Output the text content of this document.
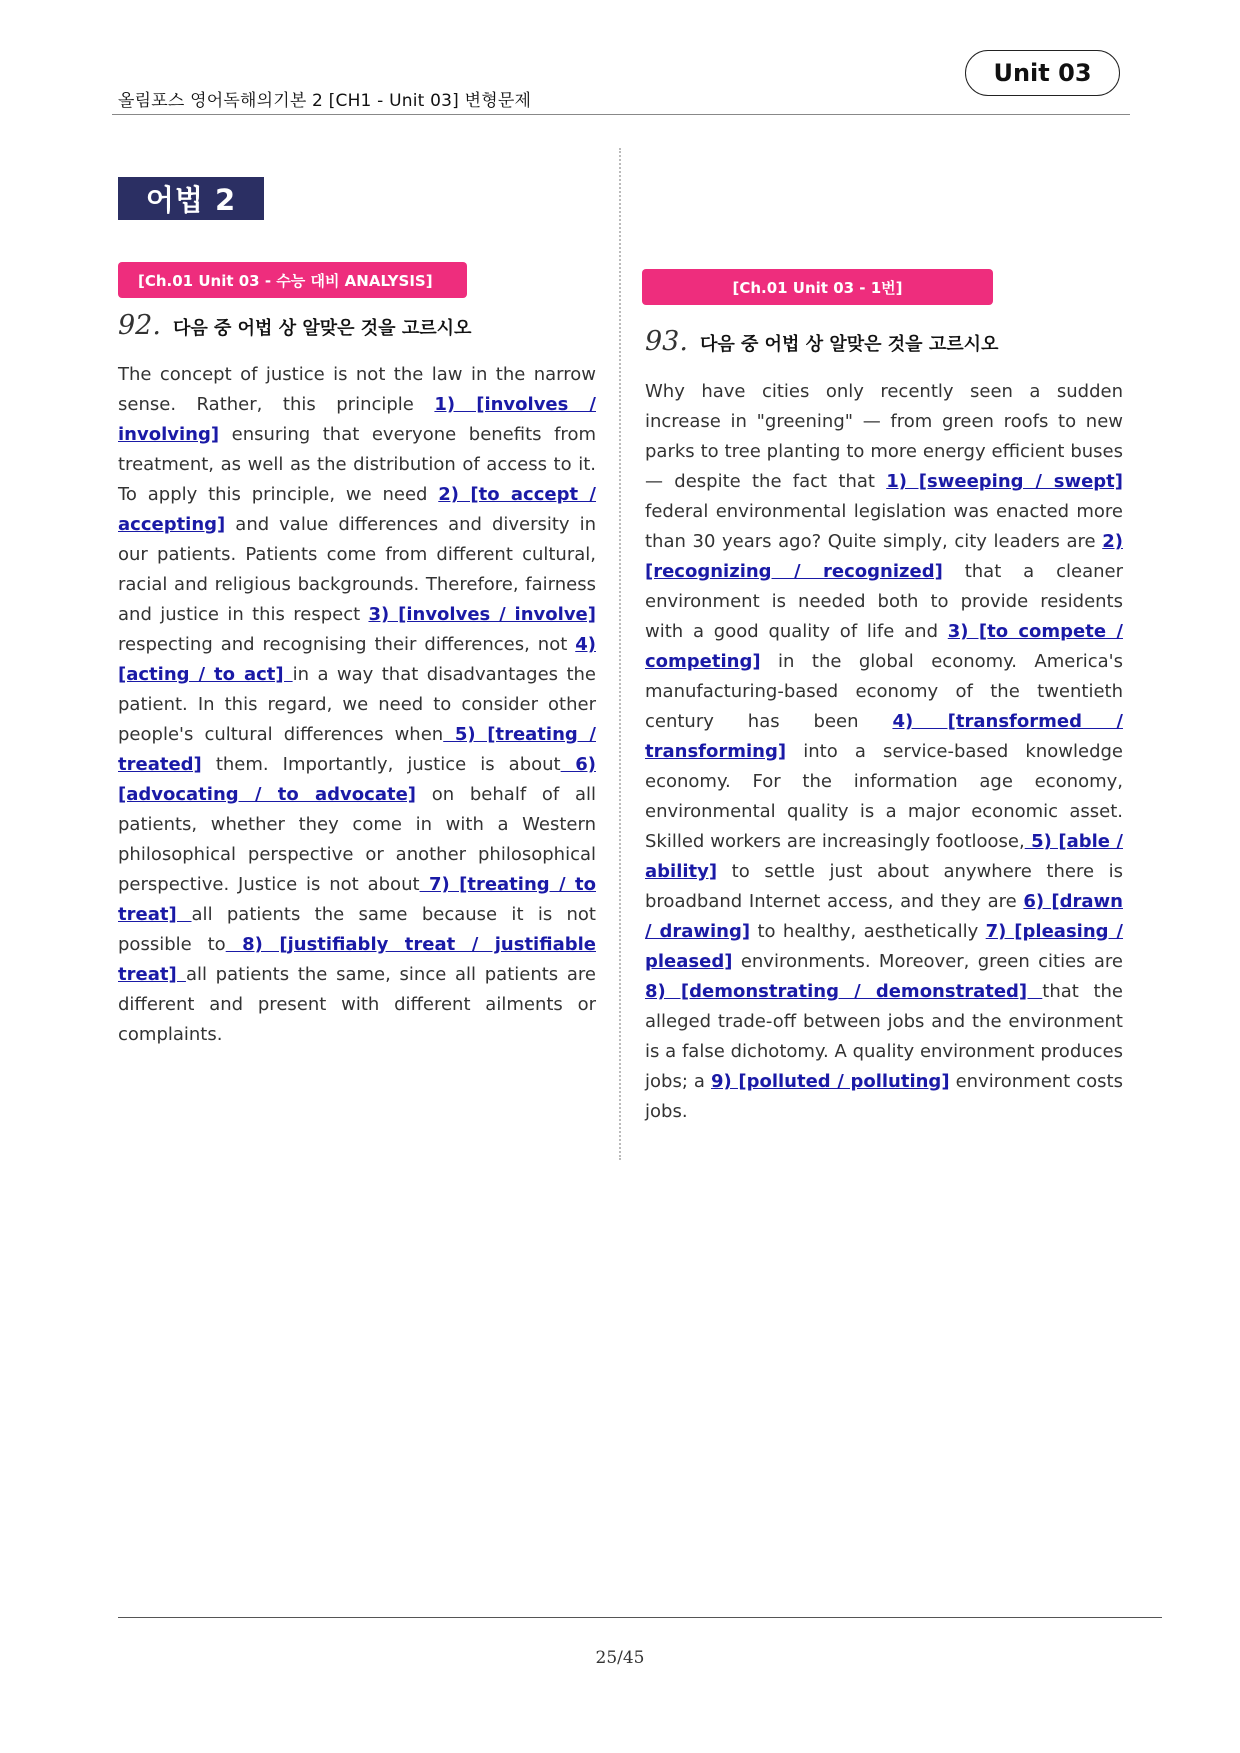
올림포스 영어독해의기본 2 [CH1 - Unit 03] 변형문제
Unit 03
어법 2
[Ch.01 Unit 03 - 수능 대비 ANALYSIS]
92. 다음 중 어법 상 알맞은 것을 고르시오
The concept of justice is not the law in the narrow sense. Rather, this principle 1) [involves / involving] ensuring that everyone benefits from treatment, as well as the distribution of access to it. To apply this principle, we need 2) [to accept / accepting] and value differences and diversity in our patients. Patients come from different cultural, racial and religious backgrounds. Therefore, fairness and justice in this respect 3) [involves / involve] respecting and recognising their differences, not 4) [acting / to act] in a way that disadvantages the patient. In this regard, we need to consider other people's cultural differences when 5) [treating / treated] them. Importantly, justice is about 6) [advocating / to advocate] on behalf of all patients, whether they come in with a Western philosophical perspective or another philosophical perspective. Justice is not about 7) [treating / to treat] all patients the same because it is not possible to 8) [justifiably treat / justifiable treat] all patients the same, since all patients are different and present with different ailments or complaints.
[Ch.01 Unit 03 - 1번]
93. 다음 중 어법 상 알맞은 것을 고르시오
Why have cities only recently seen a sudden increase in "greening" — from green roofs to new parks to tree planting to more energy efficient buses — despite the fact that 1) [sweeping / swept] federal environmental legislation was enacted more than 30 years ago? Quite simply, city leaders are 2) [recognizing / recognized] that a cleaner environment is needed both to provide residents with a good quality of life and 3) [to compete / competing] in the global economy. America's manufacturing-based economy of the twentieth century has been 4) [transformed / transforming] into a service-based knowledge economy. For the information age economy, environmental quality is a major economic asset. Skilled workers are increasingly footloose, 5) [able / ability] to settle just about anywhere there is broadband Internet access, and they are 6) [drawn / drawing] to healthy, aesthetically 7) [pleasing / pleased] environments. Moreover, green cities are 8) [demonstrating / demonstrated] that the alleged trade-off between jobs and the environment is a false dichotomy. A quality environment produces jobs; a 9) [polluted / polluting] environment costs jobs.
25/45
